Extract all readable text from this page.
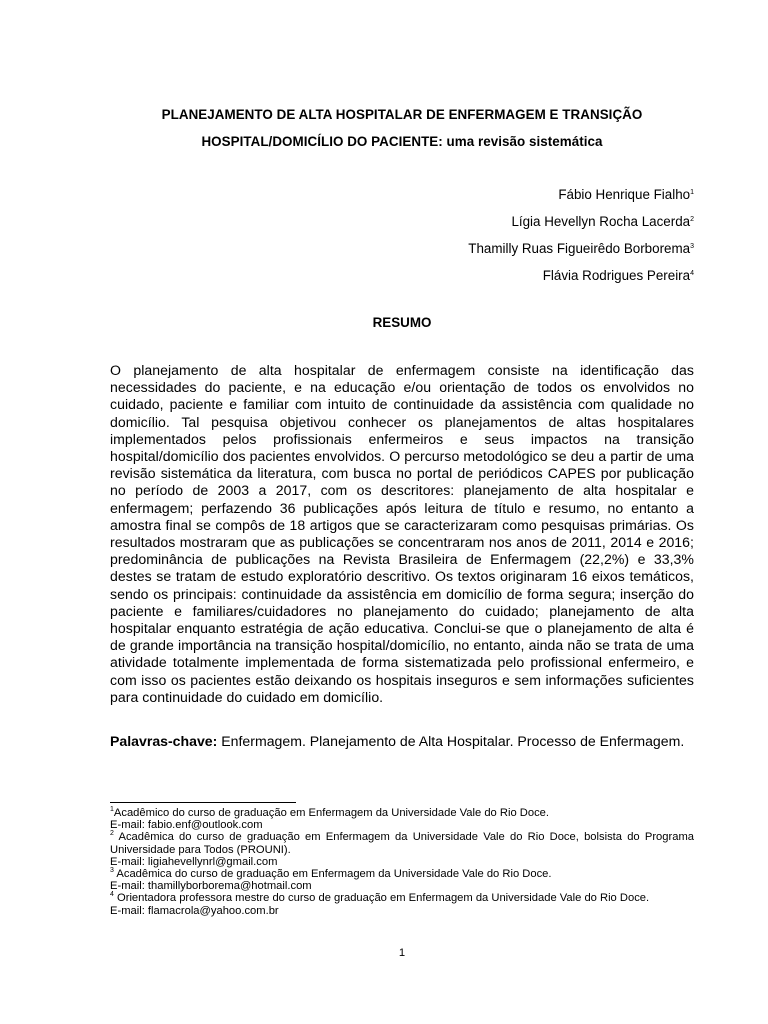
PLANEJAMENTO DE ALTA HOSPITALAR DE ENFERMAGEM E TRANSIÇÃO
HOSPITAL/DOMICÍLIO DO PACIENTE: uma revisão sistemática
Fábio Henrique Fialho$^1$
Lígia Hevellyn Rocha Lacerda$^2$
Thamilly Ruas Figueirêdo Borborema$^3$
Flávia Rodrigues Pereira$^4$
RESUMO

O planejamento de alta hospitalar de enfermagem consiste na identificação das necessidades do paciente, e na educação e/ou orientação de todos os envolvidos no cuidado, paciente e familiar com intuito de continuidade da assistência com qualidade no domicílio. Tal pesquisa objetivou conhecer os planejamentos de altas hospitalares implementados pelos profissionais enfermeiros e seus impactos na transição hospital/domicílio dos pacientes envolvidos. O percurso metodológico se deu a partir de uma revisão sistemática da literatura, com busca no portal de periódicos CAPES por publicação no período de 2003 a 2017, com os descritores: planejamento de alta hospitalar e enfermagem; perfazendo 36 publicações após leitura de título e resumo, no entanto a amostra final se compôs de 18 artigos que se caracterizaram como pesquisas primárias. Os resultados mostraram que as publicações se concentraram nos anos de 2011, 2014 e 2016; predominância de publicações na Revista Brasileira de Enfermagem (22,2%) e 33,3% destes se tratam de estudo exploratório descritivo. Os textos originaram 16 eixos temáticos, sendo os principais: continuidade da assistência em domicílio de forma segura; inserção do paciente e familiares/cuidadores no planejamento do cuidado; planejamento de alta hospitalar enquanto estratégia de ação educativa. Conclui-se que o planejamento de alta é de grande importância na transição hospital/domicílio, no entanto, ainda não se trata de uma atividade totalmente implementada de forma sistematizada pelo profissional enfermeiro, e com isso os pacientes estão deixando os hospitais inseguros e sem informações suficientes para continuidade do cuidado em domicílio.

Palavras-chave: Enfermagem. Planejamento de Alta Hospitalar. Processo de Enfermagem.

$^1$Acadêmico do curso de graduação em Enfermagem da Universidade Vale do Rio Doce.

E-mail: fabio.enf@outlook.com

$^2$ Acadêmica do curso de graduação em Enfermagem da Universidade Vale do Rio Doce, bolsista do Programa Universidade para Todos (PROUNI).

E-mail: ligiahevellynrl@gmail.com

$^3$ Acadêmica do curso de graduação em Enfermagem da Universidade Vale do Rio Doce.

E-mail: thamillyborborema@hotmail.com

$^4$ Orientadora professora mestre do curso de graduação em Enfermagem da Universidade Vale do Rio Doce.

E-mail: flamacrola@yahoo.com.br

1
